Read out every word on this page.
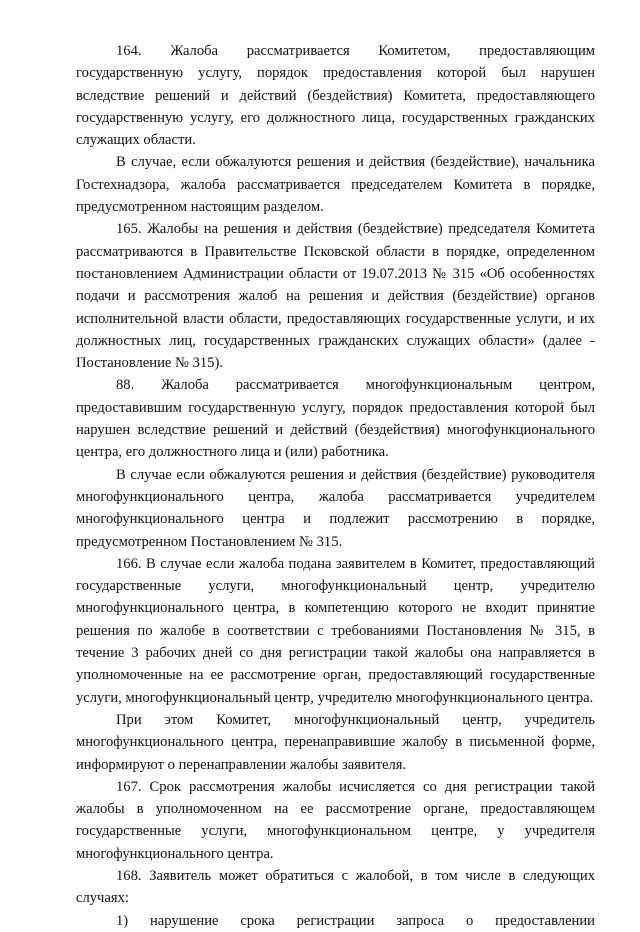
164. Жалоба рассматривается Комитетом, предоставляющим государственную услугу, порядок предоставления которой был нарушен вследствие решений и действий (бездействия) Комитета, предоставляющего государственную услугу, его должностного лица, государственных гражданских служащих области.

В случае, если обжалуются решения и действия (бездействие), начальника Гостехнадзора, жалоба рассматривается председателем Комитета в порядке, предусмотренном настоящим разделом.

165. Жалобы на решения и действия (бездействие) председателя Комитета рассматриваются в Правительстве Псковской области в порядке, определенном постановлением Администрации области от 19.07.2013 № 315 «Об особенностях подачи и рассмотрения жалоб на решения и действия (бездействие) органов исполнительной власти области, предоставляющих государственные услуги, и их должностных лиц, государственных гражданских служащих области» (далее - Постановление № 315).

88. Жалоба рассматривается многофункциональным центром, предоставившим государственную услугу, порядок предоставления которой был нарушен вследствие решений и действий (бездействия) многофункционального центра, его должностного лица и (или) работника.

В случае если обжалуются решения и действия (бездействие) руководителя многофункционального центра, жалоба рассматривается учредителем многофункционального центра и подлежит рассмотрению в порядке, предусмотренном Постановлением № 315.

166. В случае если жалоба подана заявителем в Комитет, предоставляющий государственные услуги, многофункциональный центр, учредителю многофункционального центра, в компетенцию которого не входит принятие решения по жалобе в соответствии с требованиями Постановления № 315, в течение 3 рабочих дней со дня регистрации такой жалобы она направляется в уполномоченные на ее рассмотрение орган, предоставляющий государственные услуги, многофункциональный центр, учредителю многофункционального центра.

При этом Комитет, многофункциональный центр, учредитель многофункционального центра, перенаправившие жалобу в письменной форме, информируют о перенаправлении жалобы заявителя.

167. Срок рассмотрения жалобы исчисляется со дня регистрации такой жалобы в уполномоченном на ее рассмотрение органе, предоставляющем государственные услуги, многофункциональном центре, у учредителя многофункционального центра.

168. Заявитель может обратиться с жалобой, в том числе в следующих случаях:

1) нарушение срока регистрации запроса о предоставлении
